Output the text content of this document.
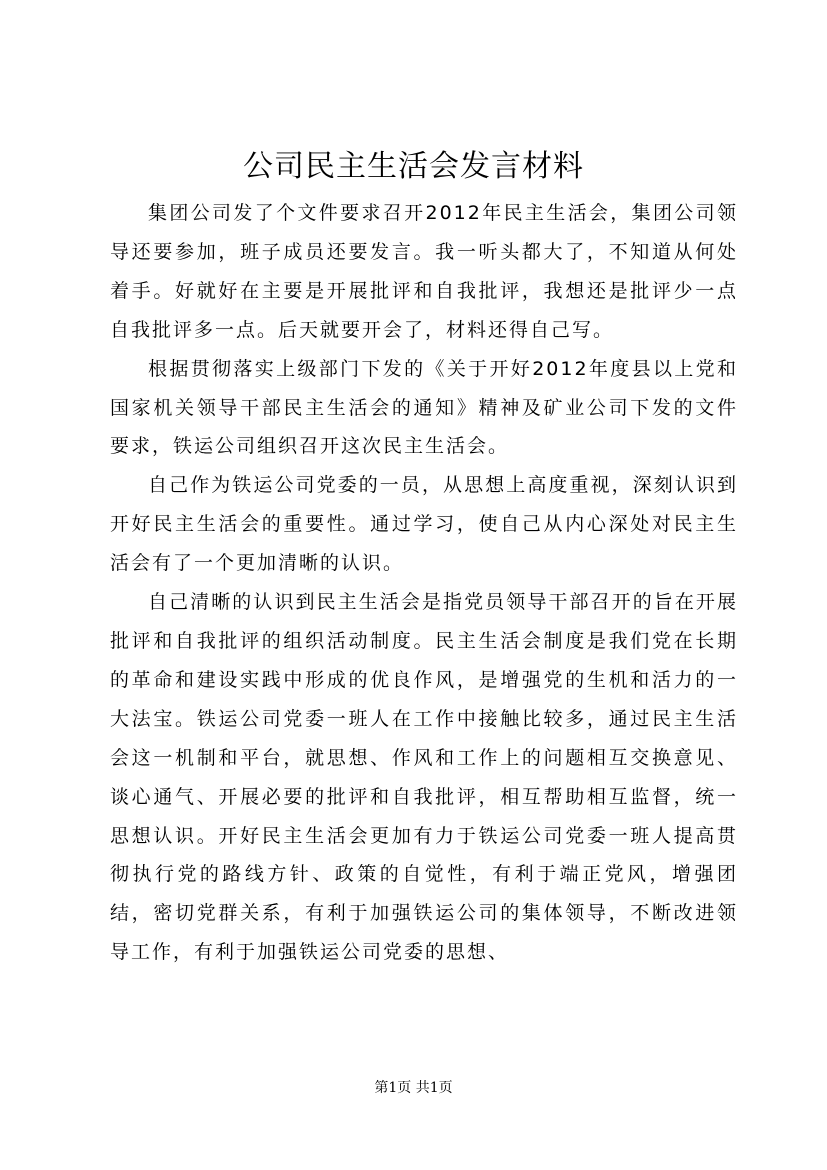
公司民主生活会发言材料

集团公司发了个文件要求召开2012年民主生活会，集团公司领导还要参加，班子成员还要发言。我一听头都大了，不知道从何处着手。好就好在主要是开展批评和自我批评，我想还是批评少一点自我批评多一点。后天就要开会了，材料还得自己写。

根据贯彻落实上级部门下发的《关于开好2012年度县以上党和国家机关领导干部民主生活会的通知》精神及矿业公司下发的文件要求，铁运公司组织召开这次民主生活会。

自己作为铁运公司党委的一员，从思想上高度重视，深刻认识到开好民主生活会的重要性。通过学习，使自己从内心深处对民主生活会有了一个更加清晰的认识。

自己清晰的认识到民主生活会是指党员领导干部召开的旨在开展批评和自我批评的组织活动制度。民主生活会制度是我们党在长期的革命和建设实践中形成的优良作风，是增强党的生机和活力的一大法宝。铁运公司党委一班人在工作中接触比较多，通过民主生活会这一机制和平台，就思想、作风和工作上的问题相互交换意见、谈心通气、开展必要的批评和自我批评，相互帮助相互监督，统一思想认识。开好民主生活会更加有力于铁运公司党委一班人提高贯彻执行党的路线方针、政策的自觉性，有利于端正党风，增强团结，密切党群关系，有利于加强铁运公司的集体领导，不断改进领导工作，有利于加强铁运公司党委的思想、

第1页 共1页
